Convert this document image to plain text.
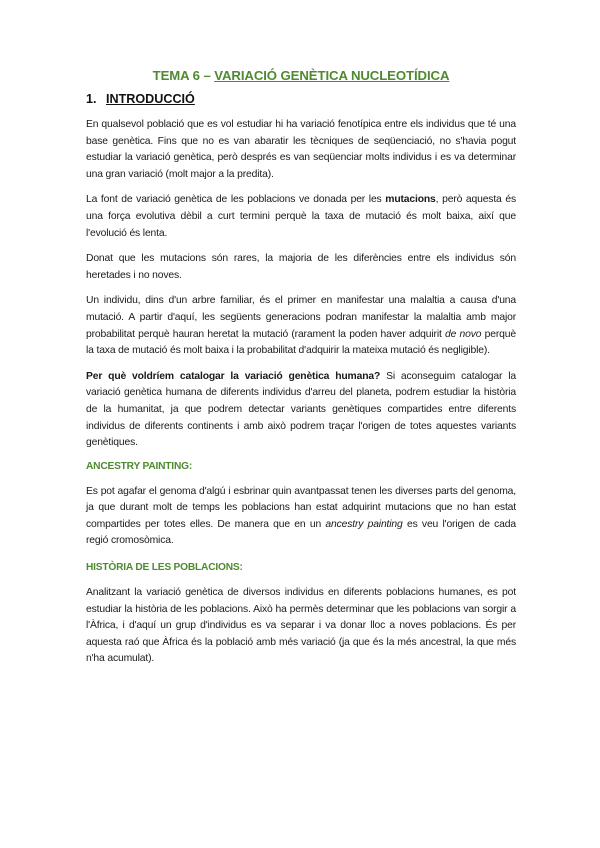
TEMA 6 – VARIACIÓ GENÈTICA NUCLEOTÍDICA
1. INTRODUCCIÓ

En qualsevol població que es vol estudiar hi ha variació fenotípica entre els individus que té una base genètica. Fins que no es van abaratir les tècniques de seqüenciació, no s'havia pogut estudiar la variació genètica, però després es van seqüenciar molts individus i es va determinar una gran variació (molt major a la predita).

La font de variació genètica de les poblacions ve donada per les mutacions, però aquesta és una força evolutiva dèbil a curt termini perquè la taxa de mutació és molt baixa, així que l'evolució és lenta.

Donat que les mutacions són rares, la majoria de les diferències entre els individus són heretades i no noves.

Un individu, dins d'un arbre familiar, és el primer en manifestar una malaltia a causa d'una mutació. A partir d'aquí, les següents generacions podran manifestar la malaltia amb major probabilitat perquè hauran heretat la mutació (rarament la poden haver adquirit de novo perquè la taxa de mutació és molt baixa i la probabilitat d'adquirir la mateixa mutació és negligible).

Per què voldríem catalogar la variació genètica humana? Si aconseguim catalogar la variació genètica humana de diferents individus d'arreu del planeta, podrem estudiar la història de la humanitat, ja que podrem detectar variants genètiques compartides entre diferents individus de diferents continents i amb això podrem traçar l'origen de totes aquestes variants genètiques.

ANCESTRY PAINTING:

Es pot agafar el genoma d'algú i esbrinar quin avantpassat tenen les diverses parts del genoma, ja que durant molt de temps les poblacions han estat adquirint mutacions que no han estat compartides per totes elles. De manera que en un ancestry painting es veu l'origen de cada regió cromosòmica.

HISTÒRIA DE LES POBLACIONS:

Analitzant la variació genètica de diversos individus en diferents poblacions humanes, es pot estudiar la història de les poblacions. Això ha permès determinar que les poblacions van sorgir a l'Àfrica, i d'aquí un grup d'individus es va separar i va donar lloc a noves poblacions. És per aquesta raó que Àfrica és la població amb més variació (ja que és la més ancestral, la que més n'ha acumulat).
